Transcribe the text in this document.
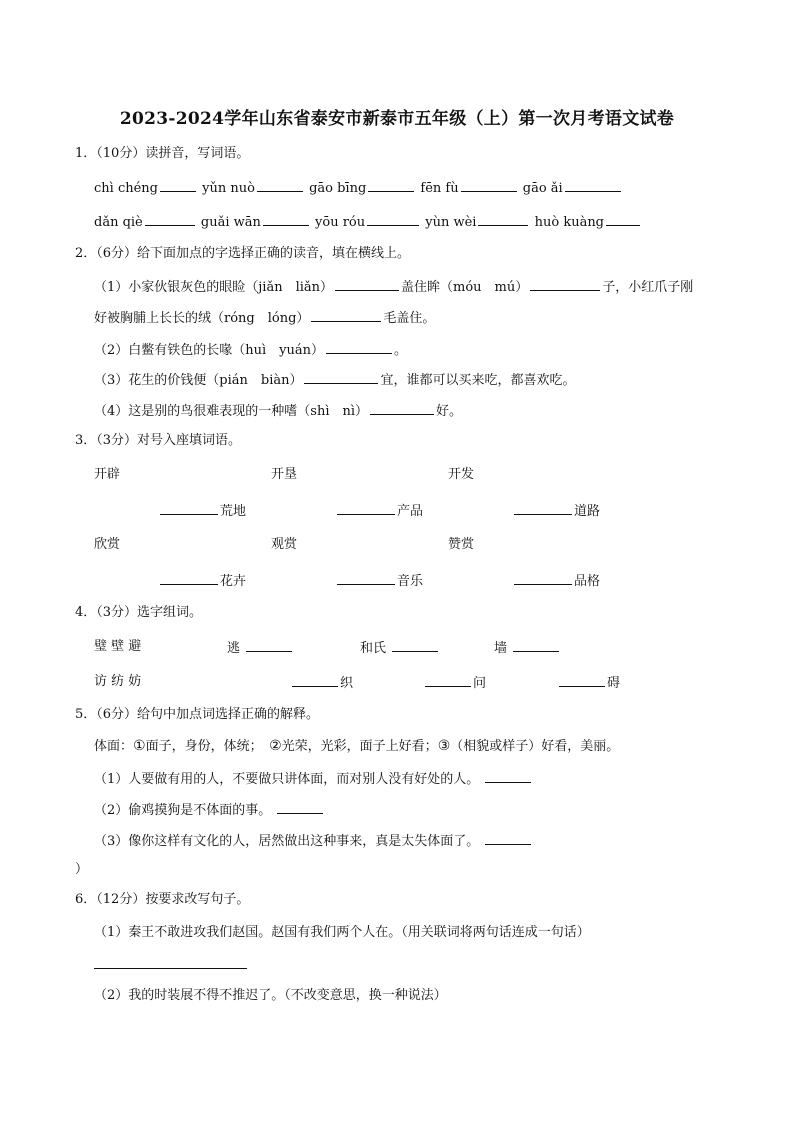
2023-2024学年山东省泰安市新泰市五年级（上）第一次月考语文试卷
1．（10分）读拼音，写词语。
chì chéng	yǔn nuò	gāo bīng	fēn fù	gāo ǎi
dǎn qiè	guǎi wān	yōu róu	yùn wèi	huò kuàng
2．（6分）给下面加点的字选择正确的读音，填在横线上。
（1）小家伙银灰色的眼睑（jiǎn　liǎn）	盖住眸（móu　mú）	子，小红爪子刚
好被胸脯上长长的绒（róng　lóng）	毛盖住。
（2）白鳖有铁色的长喙（huì　yuán）	。
（3）花生的价钱便（pián　biàn）	宜，谁都可以买来吃，都喜欢吃。
（4）这是别的鸟很难表现的一种嗜（shì　nì）	好。
3．（3分）对号入座填词语。
开辟	开垦	开发
荒地	产品	道路
欣赏	观赏	赞赏
花卉	音乐	品格
4．（3分）选字组词。
璧 壁 避	逃	和氏	墙
访 纺 妨	织	问	碍
5．（6分）给句中加点词选择正确的解释。
体面：①面子，身份，体统；　 ②光荣，光彩，面子上好看；③（相貌或样子）好看，美丽。
（1）人要做有用的人，不要做只讲体面，而对别人没有好处的人。
（2）偷鸡摸狗是不体面的事。
（3）像你这样有文化的人，居然做出这种事来，真是太失体面了。
）
6．（12分）按要求改写句子。
（1）秦王不敢进攻我们赵国。赵国有我们两个人在。（用关联词将两句话连成一句话）
（2）我的时装展不得不推迟了。（不改变意思，换一种说法）
